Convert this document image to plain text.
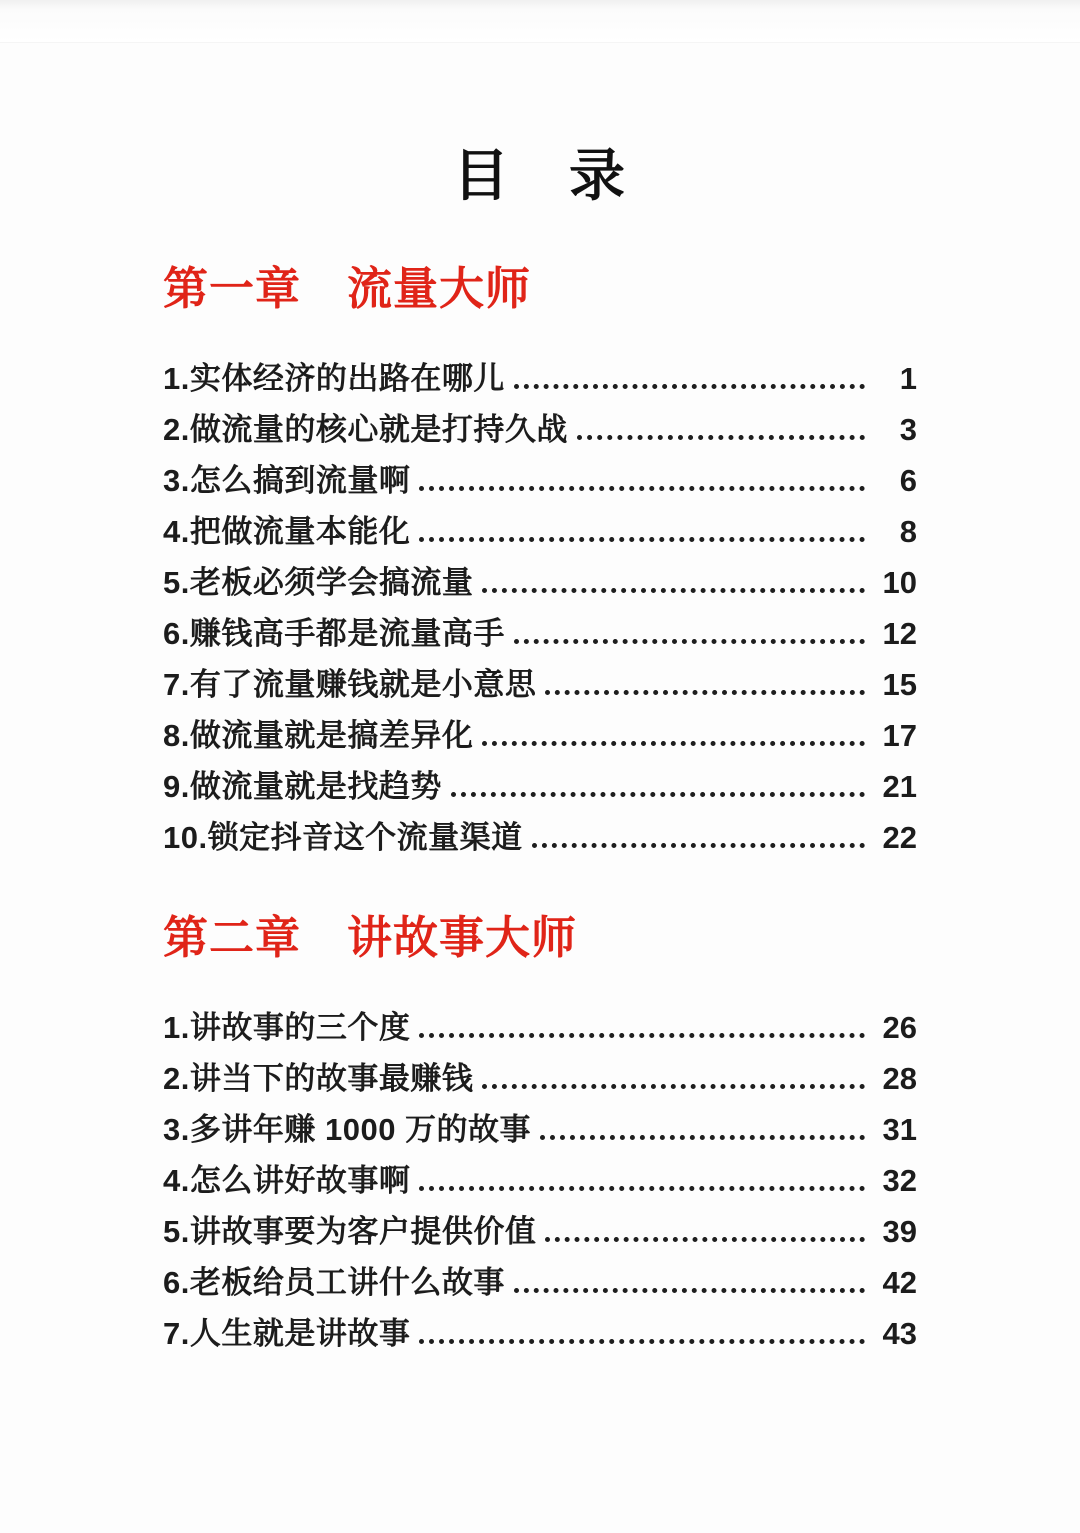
目　录
第一章　流量大师
1.实体经济的出路在哪儿	1
2.做流量的核心就是打持久战	3
3.怎么搞到流量啊	6
4.把做流量本能化	8
5.老板必须学会搞流量	10
6.赚钱高手都是流量高手	12
7.有了流量赚钱就是小意思	15
8.做流量就是搞差异化	17
9.做流量就是找趋势	21
10.锁定抖音这个流量渠道	22
第二章　讲故事大师
1.讲故事的三个度	26
2.讲当下的故事最赚钱	28
3.多讲年赚 1000 万的故事	31
4.怎么讲好故事啊	32
5.讲故事要为客户提供价值	39
6.老板给员工讲什么故事	42
7.人生就是讲故事	43
